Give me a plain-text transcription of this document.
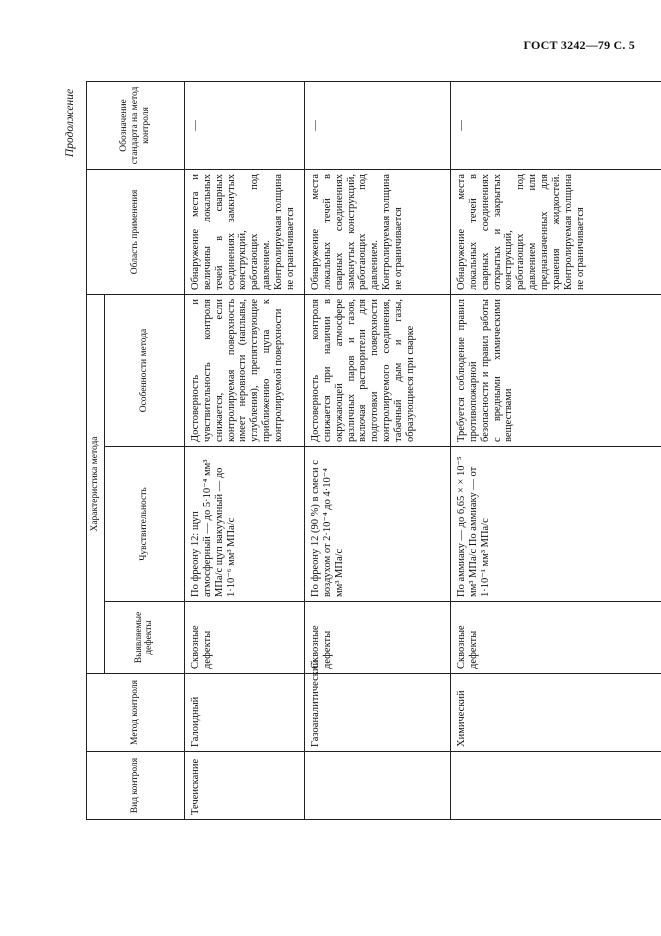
ГОСТ 3242—79 С. 5
Продолжение
Вид контроля	Метод контроля	Характеристика метода			Область применения	Обозначение стандарта на метод контроля
		Выявляемые дефекты	Чувствительность	Особенности метода		
Течеискание	Галоидный	Сквозные дефекты	По фреону 12: щуп атмосферный — до 5·10⁻⁴ мм³ МПа/с щуп вакуумный — до 1·10⁻⁶ мм³ МПа/с	Достоверность и чувствительность контроля снижается, если контролируемая поверхность имеет неровности (наплывы, углубления), препятствующие приближению щупа к контролируемой поверхности	Обнаружение места и величины локальных течей в сварных соединениях замкнутых конструкций, работающих под давлением. Контролируемая толщина не ограничивается	—
	Газоаналитический	Сквозные дефекты	По фреону 12 (90 %) в смеси с воздухом от 2·10⁻⁴ до 4·10⁻⁴ мм³ МПа/с	Достоверность контроля снижается при наличии в окружающей атмосфере различных паров и газов, включая растворители для подготовки поверхности контролируемого соединения, табачный дым и газы, образующиеся при сварке	Обнаружение места локальных течей в сварных соединениях замкнутых конструкций, работающих под давлением. Контролируемая толщина не ограничивается	—
	Химический	Сквозные дефекты	По аммиаку — до 6,65 × × 10⁻⁵ мм³ МПа/с По аммиаку — от 1·10⁻¹ мм³ МПа/с	Требуется соблюдение правил противопожарной безопасности и правил работы с вредными химическими веществами	Обнаружение места локальных течей в сварных соединениях открытых и закрытых конструкций, работающих под давлением или предназначенных для хранения жидкостей. Контролируемая толщина не ограничивается	—
